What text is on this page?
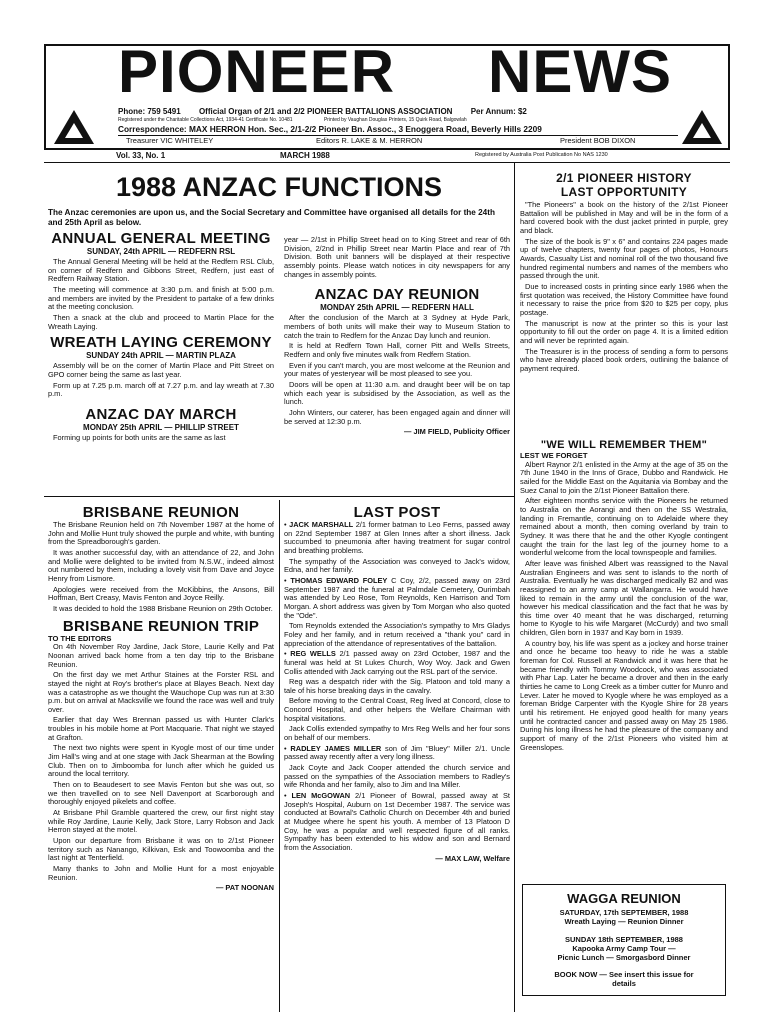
PIONEER NEWS
Phone: 759 5491 Official Organ of 2/1 and 2/2 PIONEER BATTALIONS ASSOCIATION Per Annum: $2
Registered under the Charitable Collections Act, 1934-41 Certificate No. 10481	Printed by Vaughan Douglas Printers, 15 Quirk Road, Balgowlah
Correspondence: MAX HERRON Hon. Sec., 2/1-2/2 Pioneer Bn. Assoc., 3 Enoggera Road, Beverly Hills 2209
Treasurer VIC WHITELEY	Editors R. LAKE & M. HERRON	President BOB DIXON
Vol. 33, No. 1	MARCH 1988	Registered by Australia Post Publication No NAS 1230
1988 ANZAC FUNCTIONS
The Anzac ceremonies are upon us, and the Social Secretary and Committee have organised all details for the 24th and 25th April as below.
ANNUAL GENERAL MEETING
SUNDAY, 24th APRIL — REDFERN RSL

The Annual General Meeting will be held at the Redfern RSL Club, on corner of Redfern and Gibbons Street, Redfern, just east of Redfern Railway Station.

The meeting will commence at 3:30 p.m. and finish at 5:00 p.m. and members are invited by the President to partake of a few drinks at the meeting conclusion.

Then a snack at the club and proceed to Martin Place for the Wreath Laying.

WREATH LAYING CEREMONY
SUNDAY 24th APRIL — MARTIN PLAZA

Assembly will be on the corner of Martin Place and Pitt Street on GPO corner being the same as last year.

Form up at 7.25 p.m. march off at 7.27 p.m. and lay wreath at 7.30 p.m.

ANZAC DAY MARCH
MONDAY 25th APRIL — PHILLIP STREET

Forming up points for both units are the same as last

year — 2/1st in Phillip Street head on to King Street and rear of 6th Division, 2/2nd in Phillip Street near Martin Place and rear of 7th Division. Both unit banners will be displayed at their respective assembly points. Please watch notices in city newspapers for any changes in assembly points.

ANZAC DAY REUNION
MONDAY 25th APRIL — REDFERN HALL

After the conclusion of the March at 3 Sydney at Hyde Park, members of both units will make their way to Museum Station to catch the train to Redfern for the Anzac Day lunch and reunion.

It is held at Redfern Town Hall, corner Pitt and Wells Streets, Redfern and only five minutes walk from Redfern Station.

Even if you can't march, you are most welcome at the Reunion and your mates of yesteryear will be most pleased to see you.

Doors will be open at 11:30 a.m. and draught beer will be on tap which each year is subsidised by the Association, as well as the lunch.

John Winters, our caterer, has been engaged again and dinner will be served at 12:30 p.m.

— JIM FIELD, Publicity Officer
2/1 PIONEER HISTORY
LAST OPPORTUNITY

"The Pioneers" a book on the history of the 2/1st Pioneer Battalion will be published in May and will be in the form of a hard covered book with the dust jacket printed in purple, grey and black.

The size of the book is 9" x 6" and contains 224 pages made up of twelve chapters, twenty four pages of photos, Honours Awards, Casualty List and nominal roll of the two thousand five hundred regimental numbers and names of the members who passed through the unit.

Due to increased costs in printing since early 1986 when the first quotation was received, the History Committee have found it necessary to raise the price from $20 to $25 per copy, plus postage.

The manuscript is now at the printer so this is your last opportunity to fill out the order on page 4. It is a limited edition and will never be reprinted again.

The Treasurer is in the process of sending a form to persons who have already placed book orders, outlining the balance of payment required.

"WE WILL REMEMBER THEM"
LEST WE FORGET

Albert Raynor 2/1 enlisted in the Army at the age of 35 on the 7th June 1940 in the Inns of Grace, Dubbo and Randwick. He sailed for the Middle East on the Aquitania via Bombay and the Suez Canal to join the 2/1st Pioneer Battalion there.

After eighteen months service with the Pioneers he returned to Australia on the Aorangi and then on the SS Westralia, landing in Fremantle, continuing on to Adelaide where they remained about a month, then coming overland by train to Sydney. It was there that he and the other Kyogle contingent caught the train for the last leg of the journey home to a wonderful welcome from the local townspeople and families.

After leave was finished Albert was reassigned to the Naval Australian Engineers and was sent to islands to the north of Australia. Eventually he was discharged medically B2 and was reassigned to an army camp at Wallangarra. He would have liked to remain in the army until the conclusion of the war, however his medical classification and the fact that he was by this time over 40 meant that he was discharged, returning home to Kyogle to his wife Margaret (McCurdy) and two small children, Glen born in 1937 and Kay born in 1939.

A country boy, his life was spent as a jockey and horse trainer and once he became too heavy to ride he was a stable foreman for Col. Russell at Randwick and it was here that he became friendly with Tommy Woodcock, who was associated with Phar Lap. Later he became a drover and then in the early thirties he came to Long Creek as a timber cutter for Munro and Lever. Later he moved to Kyogle where he was employed as a foreman Bridge Carpenter with the Kyogle Shire for 28 years until his retirement. He enjoyed good health for many years until he contracted cancer and passed away on May 25 1986. During his long illness he had the pleasure of the company and support of many of the 2/1st Pioneers who visited him at Greenslopes.

WAGGA REUNION
SATURDAY, 17th SEPTEMBER, 1988
Wreath Laying — Reunion Dinner
SUNDAY 18th SEPTEMBER, 1988
Kapooka Army Camp Tour —
Picnic Lunch — Smorgasbord Dinner
BOOK NOW — See insert this issue for details
BRISBANE REUNION

The Brisbane Reunion held on 7th November 1987 at the home of John and Mollie Hunt truly showed the purple and white, with bunting from the Spreadborough's garden.

It was another successful day, with an attendance of 22, and John and Mollie were delighted to be invited from N.S.W., indeed almost out numbered by them, including a lovely visit from Dave and Joyce Henry from Lismore.

Apologies were received from the McKibbins, the Ansons, Bill Hoffman, Bert Creasy, Mavis Fenton and Joyce Reilly.

It was decided to hold the 1988 Brisbane Reunion on 29th October.

BRISBANE REUNION TRIP
TO THE EDITORS

On 4th November Roy Jardine, Jack Store, Laurie Kelly and Pat Noonan arrived back home from a ten day trip to the Brisbane Reunion.

On the first day we met Arthur Staines at the Forster RSL and stayed the night at Roy's brother's place at Blayes Beach. Next day was a catastrophe as we thought the Wauchope Cup was run at 3:30 p.m. but on arrival at Macksville we found the race was well and truly over.

Earlier that day Wes Brennan passed us with Hunter Clark's troubles in his mobile home at Port Macquarie. That night we stayed at Grafton.

The next two nights were spent in Kyogle most of our time under Jim Hall's wing and at one stage with Jack Shearman at the Bowling Club. Then on to Jimboomba for lunch after which he guided us around the local territory.

Then on to Beaudesert to see Mavis Fenton but she was out, so we then travelled on to see Nell Davenport at Scarborough and thoroughly enjoyed pikelets and coffee.

At Brisbane Phil Gramble quartered the crew, our first night stay while Roy Jardine, Laurie Kelly, Jack Store, Larry Robson and Jack Herron stayed at the motel.

Upon our departure from Brisbane it was on to 2/1st Pioneer territory such as Nanango, Kilkivan, Esk and Toowoomba and the last night at Tenterfield.

Many thanks to John and Mollie Hunt for a most enjoyable Reunion.

— PAT NOONAN
LAST POST

• JACK MARSHALL 2/1 former batman to Leo Ferns, passed away on 22nd September 1987 at Glen Innes after a short illness. Jack succumbed to pneumonia after having treatment for sugar control and breathing problems.

The sympathy of the Association was conveyed to Jack's widow, Edna, and her family.

• THOMAS EDWARD FOLEY C Coy, 2/2, passed away on 23rd September 1987 and the funeral at Palmdale Cemetery, Ourimbah was attended by Leo Rose, Tom Reynolds, Ken Harrison and Tom Morgan. A short address was given by Tom Morgan who also quoted the "Ode".

Tom Reynolds extended the Association's sympathy to Mrs Gladys Foley and her family, and in return received a "thank you" card in appreciation of the attendance of representatives of the battalion.

• REG WELLS 2/1 passed away on 23rd October, 1987 and the funeral was held at St Lukes Church, Woy Woy. Jack and Gwen Collis attended with Jack carrying out the RSL part of the service.

Reg was a despatch rider with the Sig. Platoon and told many a tale of his horse breaking days in the cavalry.

Before moving to the Central Coast, Reg lived at Concord, close to Concord Hospital, and other helpers the Welfare Chairman with hospital visitations.

Jack Collis extended sympathy to Mrs Reg Wells and her four sons on behalf of our members.

• RADLEY JAMES MILLER son of Jim "Bluey" Miller 2/1. Uncle passed away recently after a very long illness.

Jack Coyte and Jack Cooper attended the church service and passed on the sympathies of the Association members to Radley's wife Rhonda and her family, also to Jim and Ina Miller.

• LEN McGOWAN 2/1 Pioneer of Bowral, passed away at St Joseph's Hospital, Auburn on 1st December 1987. The service was conducted at Bowral's Catholic Church on December 4th and buried at Mudgee where he spent his youth. A member of 13 Platoon D Coy, he was a popular and well respected figure of all ranks. Sympathy has been extended to his widow and son and Bernard from the Association.

— MAX LAW, Welfare
